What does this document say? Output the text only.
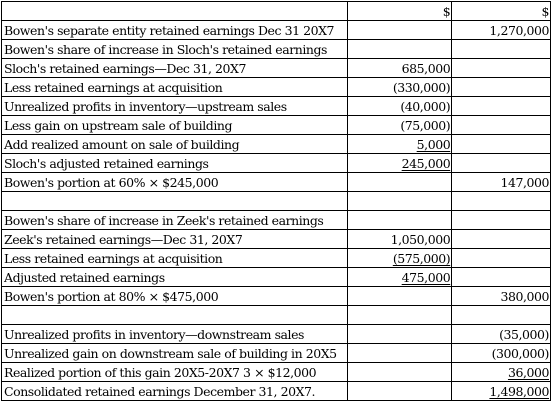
	$	$
Bowen's separate entity retained earnings Dec 31 20X7		1,270,000
Bowen's share of increase in Sloch's retained earnings		
Sloch's retained earnings—Dec 31, 20X7	685,000	
Less retained earnings at acquisition	(330,000)	
Unrealized profits in inventory—upstream sales	(40,000)	
Less gain on upstream sale of building	(75,000)	
Add realized amount on sale of building	5,000	
Sloch's adjusted retained earnings	245,000	
Bowen's portion at 60% × $245,000		147,000

Bowen's share of increase in Zeek's retained earnings		
Zeek's retained earnings—Dec 31, 20X7	1,050,000	
Less retained earnings at acquisition	(575,000)	
Adjusted retained earnings	475,000	
Bowen's portion at 80% × $475,000		380,000

Unrealized profits in inventory—downstream sales		(35,000)
Unrealized gain on downstream sale of building in 20X5		(300,000)
Realized portion of this gain 20X5-20X7 3 × $12,000		36,000
Consolidated retained earnings December 31, 20X7.		1,498,000
